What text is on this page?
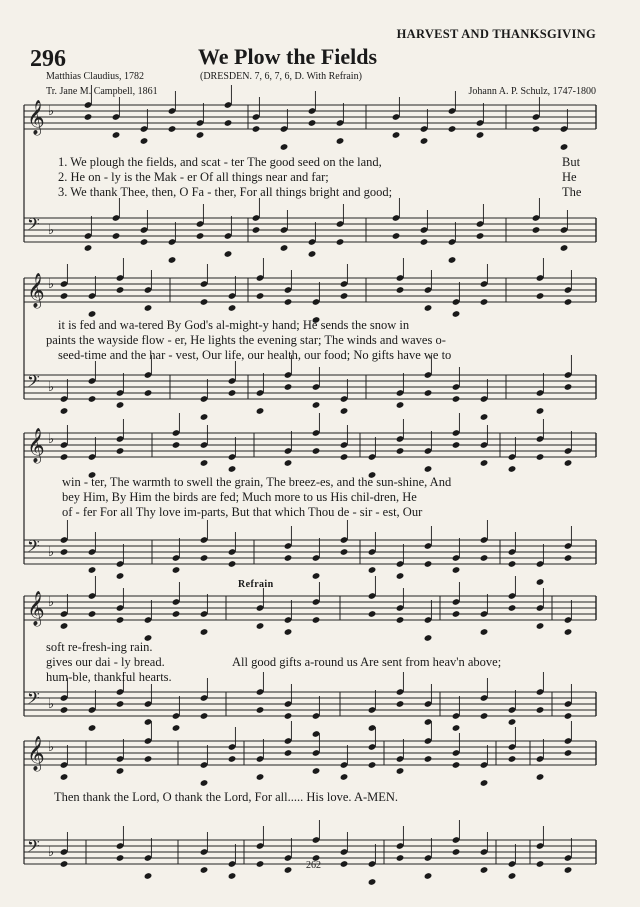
𝄞 ♭
𝄢 ♭
𝄞 ♭
𝄢 ♭
𝄞 ♭
𝄢 ♭
𝄞 ♭
𝄢 ♭
𝄞 ♭
𝄢 ♭
HARVEST AND THANKSGIVING
296	We Plow the Fields
Matthias Claudius, 1782	(DRESDEN. 7, 6, 7, 6, D. With Refrain)
Tr. Jane M. Campbell, 1861	Johann A. P. Schulz, 1747-1800
1. We plough the fields, and scat - ter The good seed on the land,
2. He on - ly is the Mak - er Of all things near and far;
3. We thank Thee, then, O Fa - ther, For all things bright and good;
But
He
The
it is fed and wa-tered By God's al-might-y hand; He sends the snow in
paints the wayside flow - er, He lights the evening star; The winds and waves o-
seed-time and the har - vest, Our life, our health, our food; No gifts have we to
win - ter, The warmth to swell the grain, The breez-es, and the sun-shine, And
bey Him, By Him the birds are fed; Much more to us His chil-dren, He
of - fer For all Thy love im-parts, But that which Thou de - sir - est, Our
Refrain
soft re-fresh-ing rain.
gives our dai - ly bread.
hum-ble, thankful hearts.
All good gifts a-round us Are sent from heav'n above;
Then thank the Lord, O thank the Lord, For all..... His love. A-MEN.
262
